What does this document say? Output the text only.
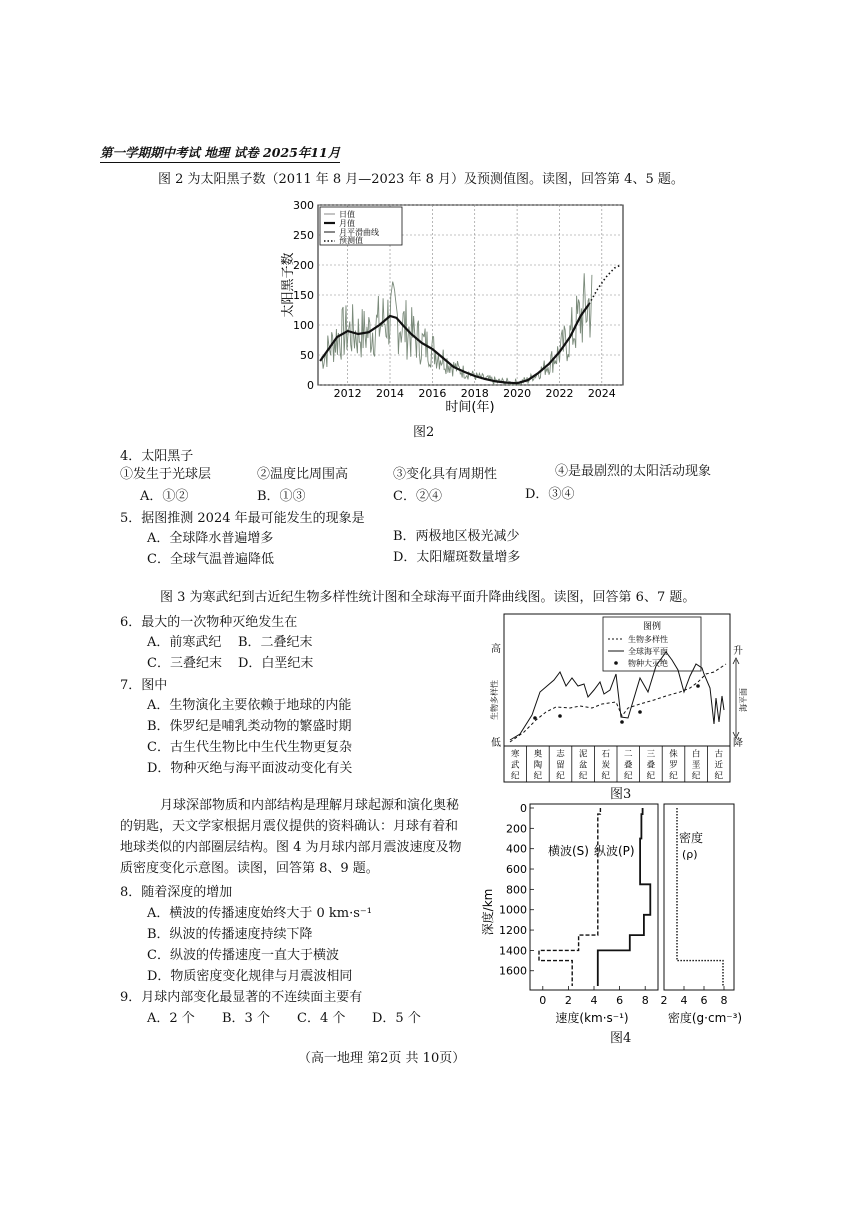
第一学期期中考试 地理 试卷 2025年11月
图 2 为太阳黑子数（2011 年 8 月—2023 年 8 月）及预测值图。读图，回答第 4、5 题。
2012 2014 2016 2018 2020 2022 2024
0
50
100
150
200
250
300
太阳黑子数
时间(年)
日值
月值
月平滑曲线
预测值
图2
4．太阳黑子
①发生于光球层	②温度比周围高	③变化具有周期性	④是最剧烈的太阳活动现象
A．①②	B．①③	C．②④	D．③④
5．据图推测 2024 年最可能发生的现象是
A．全球降水普遍增多	B．两极地区极光减少
C．全球气温普遍降低	D．太阳耀斑数量增多
图 3 为寒武纪到古近纪生物多样性统计图和全球海平面升降曲线图。读图，回答第 6、7 题。
6．最大的一次物种灭绝发生在
A．前寒武纪 B．二叠纪末
C．三叠纪末 D．白垩纪末
7．图中
A．生物演化主要依赖于地球的内能
B．侏罗纪是哺乳类动物的繁盛时期
C．古生代生物比中生代生物更复杂
D．物种灭绝与海平面波动变化有关
高
低
生物多样性
升
降
海平面
图例
生物多样性
全球海平面
物种大灭绝
寒武纪
奥陶纪
志留纪
泥盆纪
石炭纪
二叠纪
三叠纪
侏罗纪
白垩纪
古近纪
图3
月球深部物质和内部结构是理解月球起源和演化奥秘
的钥匙，天文学家根据月震仪提供的资料确认：月球有着和
地球类似的内部圈层结构。图 4 为月球内部月震波速度及物
质密度变化示意图。读图，回答第 8、9 题。
8．随着深度的增加
A．横波的传播速度始终大于 0 km·s⁻¹
B．纵波的传播速度持续下降
C．纵波的传播速度一直大于横波
D．物质密度变化规律与月震波相同
9．月球内部变化最显著的不连续面主要有
A．2 个 B．3 个 C．4 个 D．5 个
0
200
400
600
800
1000
1200
1400
1600
0 2 4 6 8 2 4 6 8
深度/km
横波(S) 纵波(P)
密度
(ρ)
速度(km·s⁻¹)	密度(g·cm⁻³)
图4
（高一地理 第2页 共 10页）
